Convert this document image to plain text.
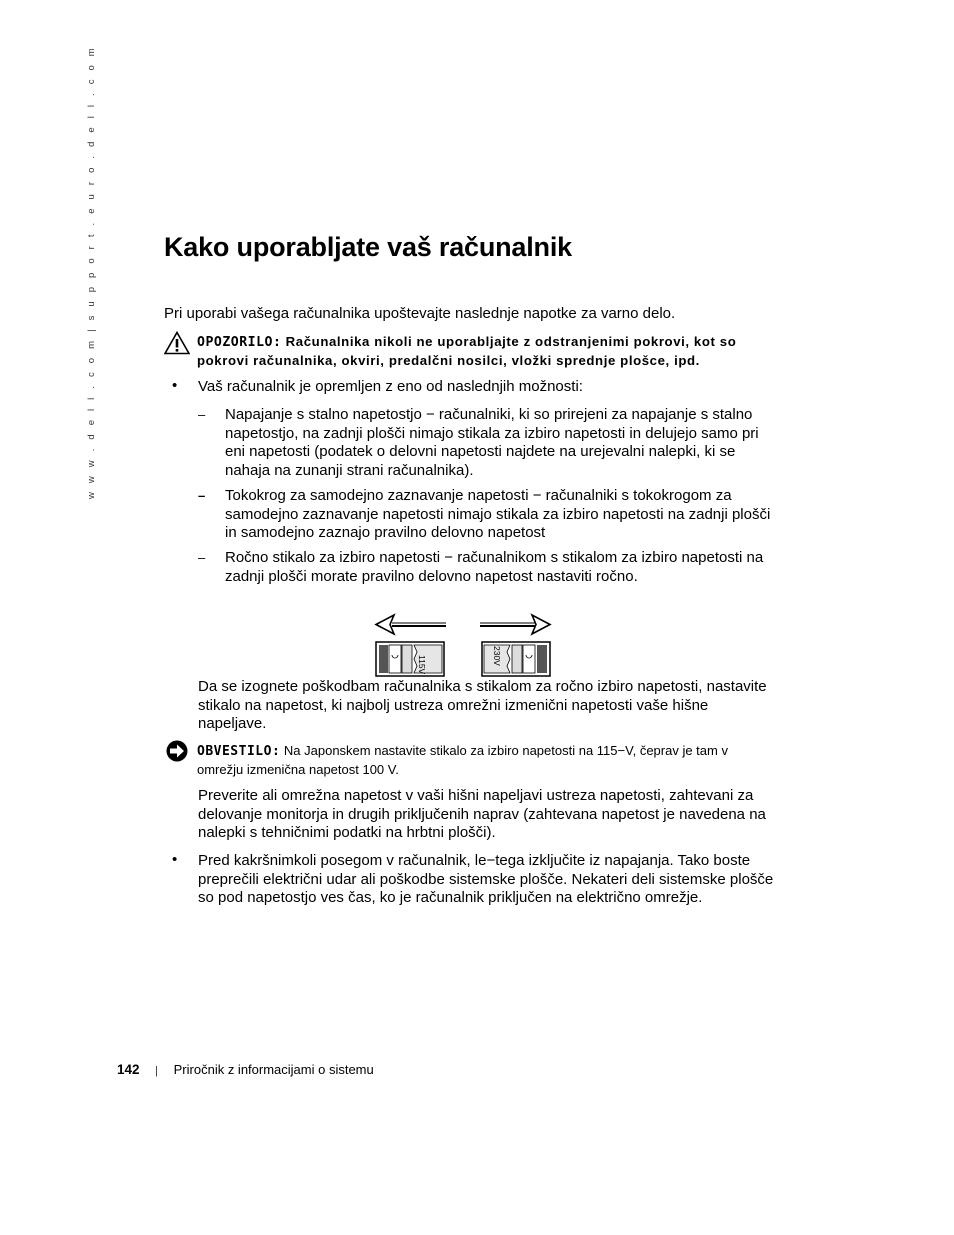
w w w . d e l l . c o m | s u p p o r t . e u r o . d e l l . c o m Kako uporabljate vaš računalnik
Pri uporabi vašega računalnika upoštevajte naslednje napotke za varno delo.
OPOZORILO: Računalnika nikoli ne uporabljajte z odstranjenimi pokrovi, kot so pokrovi računalnika, okviri, predalčni nosilci, vložki sprednje plošce, ipd.
• Vaš računalnik je opremljen z eno od naslednjih možnosti:
– Napajanje s stalno napetostjo − računalniki, ki so prirejeni za napajanje s stalno napetostjo, na zadnji plošči nimajo stikala za izbiro napetosti in delujejo samo pri eni napetosti (podatek o delovni napetosti najdete na urejevalni nalepki, ki se nahaja na zunanji strani računalnika).
– Tokokrog za samodejno zaznavanje napetosti − računalniki s tokokrogom za samodejno zaznavanje napetosti nimajo stikala za izbiro napetosti na zadnji plošči in samodejno zaznajo pravilno delovno napetost
– Ročno stikalo za izbiro napetosti − računalnikom s stikalom za izbiro napetosti na zadnji plošči morate pravilno delovno napetost nastaviti ročno.
115V	230V
Da se izognete poškodbam računalnika s stikalom za ročno izbiro napetosti, nastavite stikalo na napetost, ki najbolj ustreza omrežni izmenični napetosti vaše hišne napeljave.
OBVESTILO: Na Japonskem nastavite stikalo za izbiro napetosti na 115−V, čeprav je tam v omrežju izmenična napetost 100 V.
Preverite ali omrežna napetost v vaši hišni napeljavi ustreza napetosti, zahtevani za delovanje monitorja in drugih priključenih naprav (zahtevana napetost je navedena na nalepki s tehničnimi podatki na hrbtni plošči).
• Pred kakršnimkoli posegom v računalnik, le−tega izključite iz napajanja. Tako boste preprečili električni udar ali poškodbe sistemske plošče. Nekateri deli sistemske plošče so pod napetostjo ves čas, ko je računalnik priključen na električno omrežje.
142 | Priročnik z informacijami o sistemu
